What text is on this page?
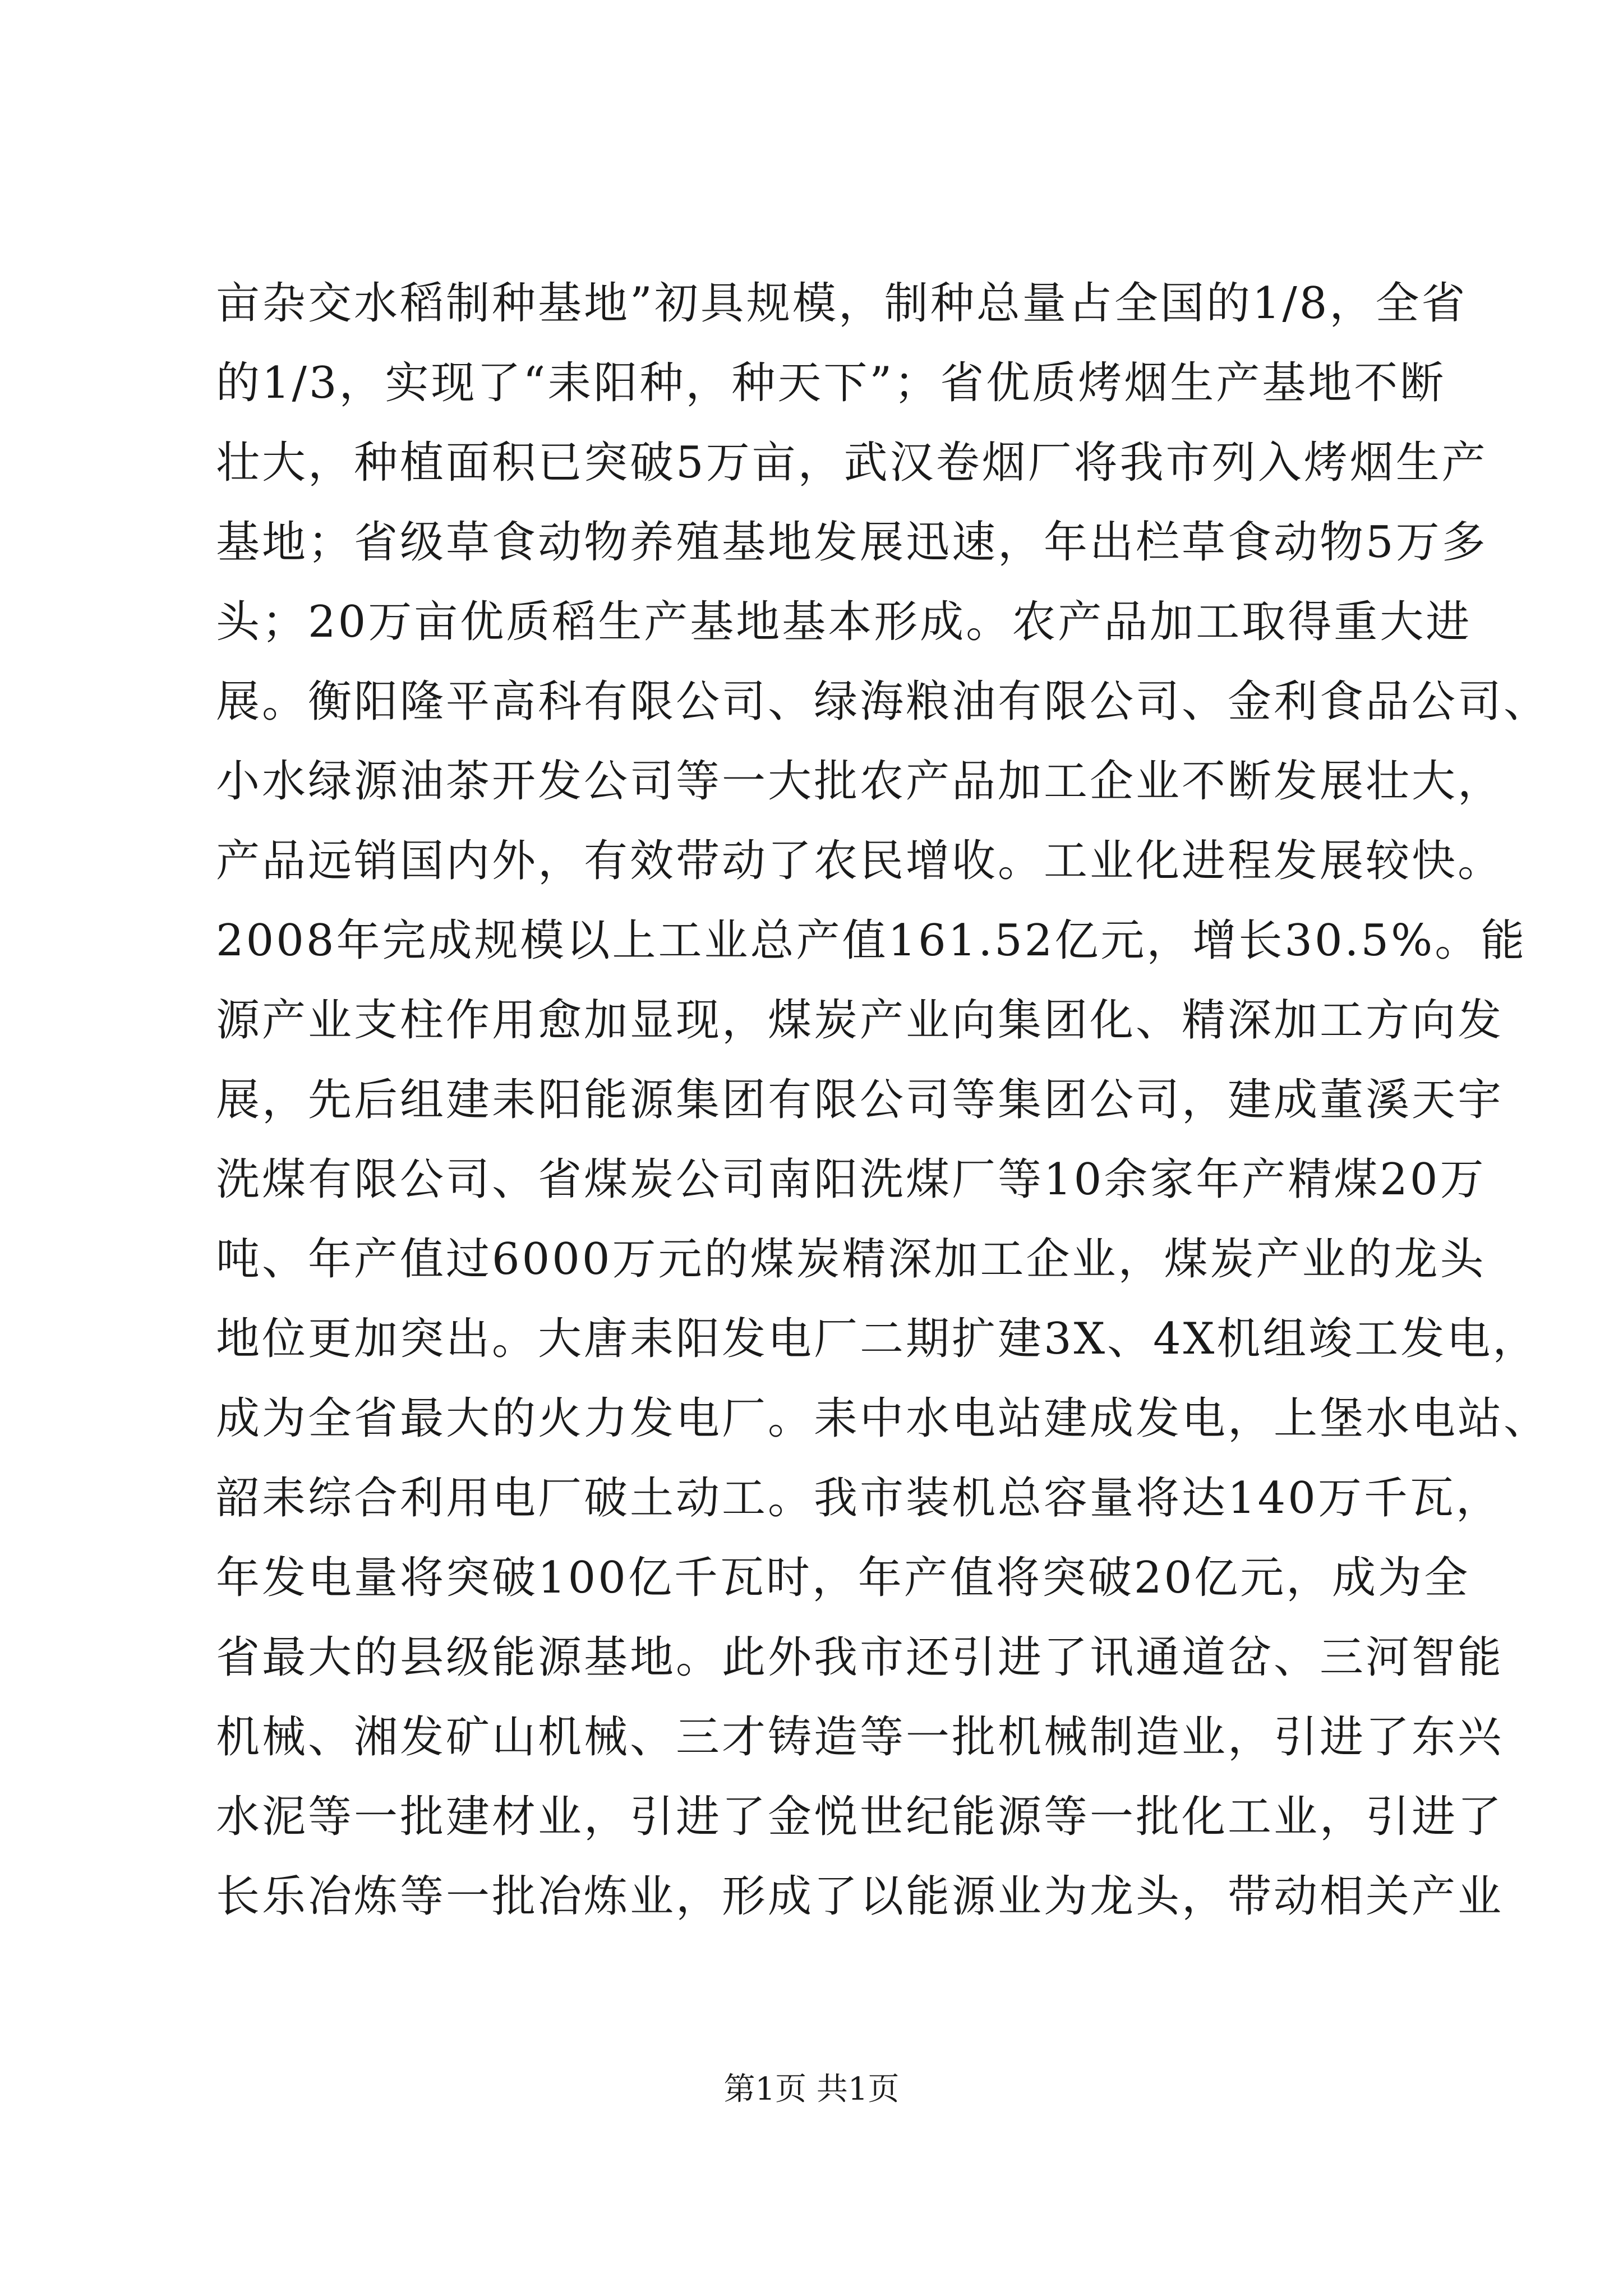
亩杂交水稻制种基地”初具规模，制种总量占全国的1/8，全省
的1/3，实现了“耒阳种，种天下”；省优质烤烟生产基地不断
壮大，种植面积已突破5万亩，武汉卷烟厂将我市列入烤烟生产
基地；省级草食动物养殖基地发展迅速，年出栏草食动物5万多
头；20万亩优质稻生产基地基本形成。农产品加工取得重大进
展。衡阳隆平高科有限公司、绿海粮油有限公司、金利食品公司、
小水绿源油茶开发公司等一大批农产品加工企业不断发展壮大，
产品远销国内外，有效带动了农民增收。工业化进程发展较快。
2008年完成规模以上工业总产值161.52亿元，增长30.5%。能
源产业支柱作用愈加显现，煤炭产业向集团化、精深加工方向发
展，先后组建耒阳能源集团有限公司等集团公司，建成董溪天宇
洗煤有限公司、省煤炭公司南阳洗煤厂等10余家年产精煤20万
吨、年产值过6000万元的煤炭精深加工企业，煤炭产业的龙头
地位更加突出。大唐耒阳发电厂二期扩建3X、4X机组竣工发电，
成为全省最大的火力发电厂。耒中水电站建成发电，上堡水电站、
韶耒综合利用电厂破土动工。我市装机总容量将达140万千瓦，
年发电量将突破100亿千瓦时，年产值将突破20亿元，成为全
省最大的县级能源基地。此外我市还引进了讯通道岔、三河智能
机械、湘发矿山机械、三才铸造等一批机械制造业，引进了东兴
水泥等一批建材业，引进了金悦世纪能源等一批化工业，引进了
长乐冶炼等一批冶炼业，形成了以能源业为龙头，带动相关产业
第1页 共1页
